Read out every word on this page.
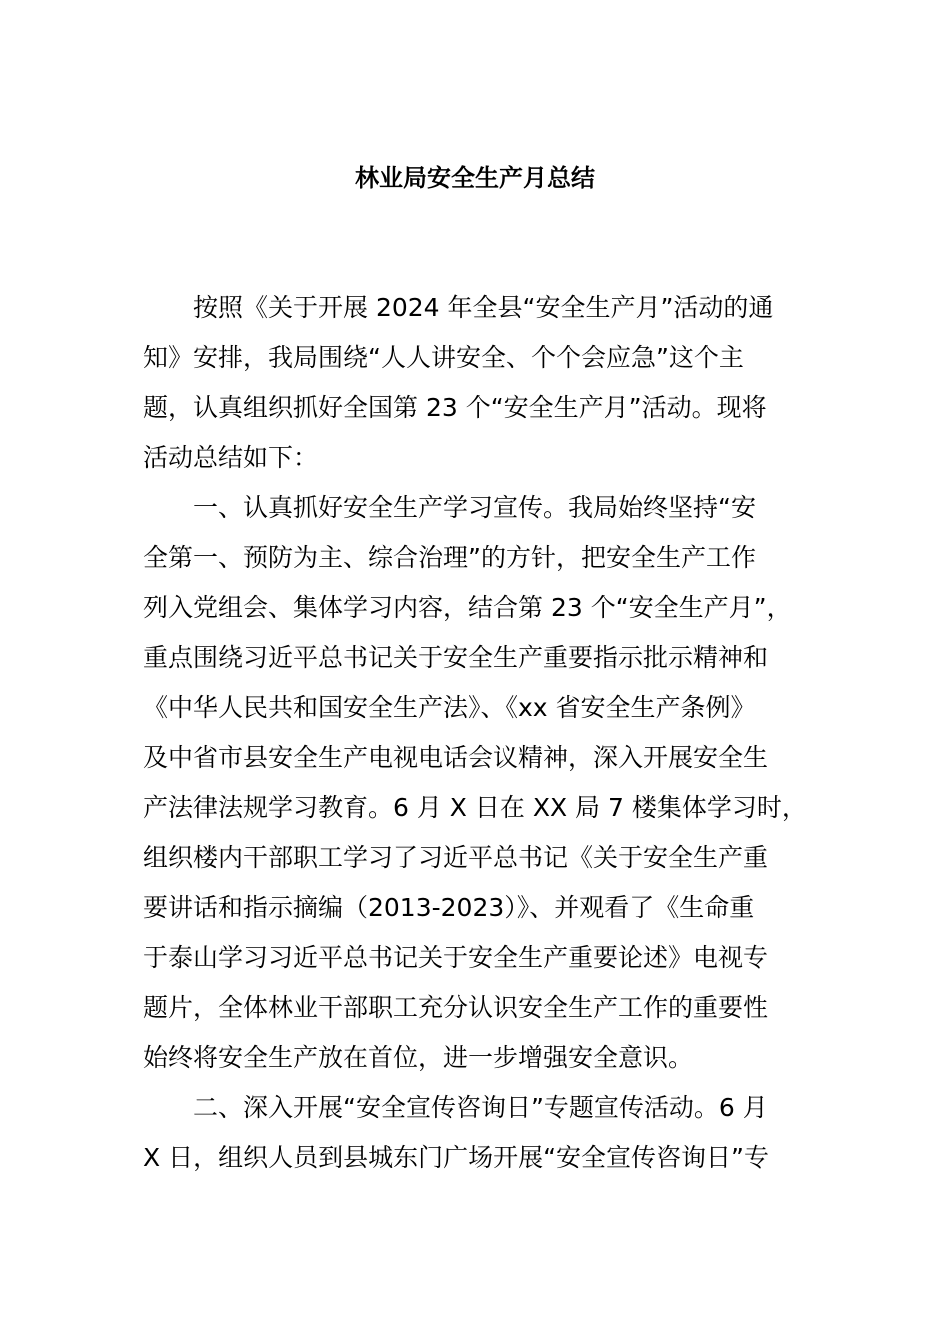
林业局安全生产月总结
按照《关于开展 2024 年全县“安全生产月”活动的通
知》安排，我局围绕“人人讲安全、个个会应急”这个主
题，认真组织抓好全国第 23 个“安全生产月”活动。现将
活动总结如下：
一、认真抓好安全生产学习宣传。我局始终坚持“安
全第一、预防为主、综合治理”的方针，把安全生产工作
列入党组会、集体学习内容，结合第 23 个“安全生产月”，
重点围绕习近平总书记关于安全生产重要指示批示精神和
《中华人民共和国安全生产法》、《xx 省安全生产条例》
及中省市县安全生产电视电话会议精神，深入开展安全生
产法律法规学习教育。6 月 X 日在 XX 局 7 楼集体学习时，
组织楼内干部职工学习了习近平总书记《关于安全生产重
要讲话和指示摘编（2013-2023）》、并观看了《生命重
于泰山学习习近平总书记关于安全生产重要论述》电视专
题片，全体林业干部职工充分认识安全生产工作的重要性
始终将安全生产放在首位，进一步增强安全意识。
二、深入开展“安全宣传咨询日”专题宣传活动。6 月
X 日，组织人员到县城东门广场开展“安全宣传咨询日”专
